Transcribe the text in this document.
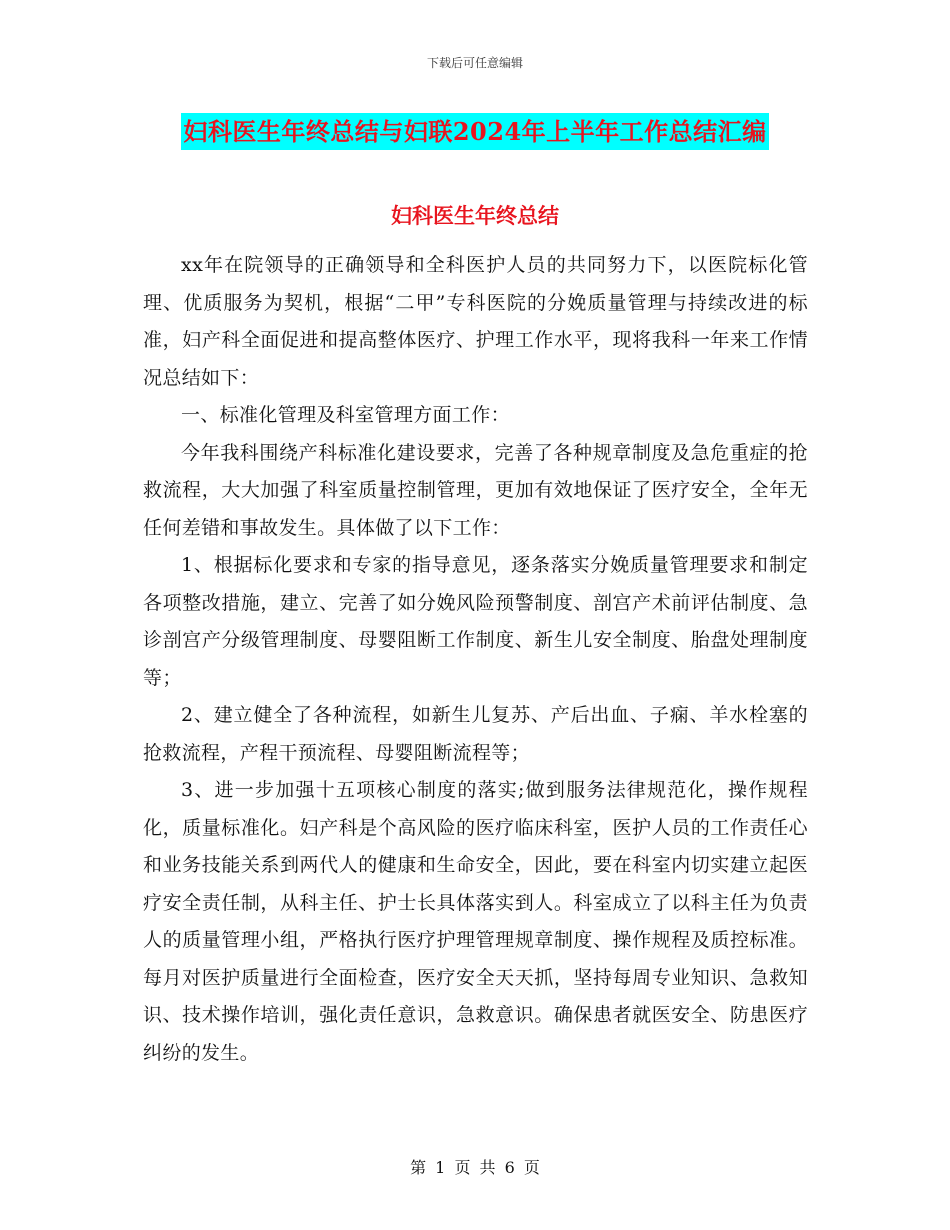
下载后可任意编辑
妇科医生年终总结与妇联2024年上半年工作总结汇编
妇科医生年终总结

xx年在院领导的正确领导和全科医护人员的共同努力下，以医院标化管理、优质服务为契机，根据“二甲”专科医院的分娩质量管理与持续改进的标准，妇产科全面促进和提高整体医疗、护理工作水平，现将我科一年来工作情况总结如下：

一、标准化管理及科室管理方面工作：

今年我科围绕产科标准化建设要求，完善了各种规章制度及急危重症的抢救流程，大大加强了科室质量控制管理，更加有效地保证了医疗安全，全年无任何差错和事故发生。具体做了以下工作：

1、根据标化要求和专家的指导意见，逐条落实分娩质量管理要求和制定各项整改措施，建立、完善了如分娩风险预警制度、剖宫产术前评估制度、急诊剖宫产分级管理制度、母婴阻断工作制度、新生儿安全制度、胎盘处理制度等；

2、建立健全了各种流程，如新生儿复苏、产后出血、子痫、羊水栓塞的抢救流程，产程干预流程、母婴阻断流程等；

3、进一步加强十五项核心制度的落实;做到服务法律规范化，操作规程化，质量标准化。妇产科是个高风险的医疗临床科室，医护人员的工作责任心和业务技能关系到两代人的健康和生命安全，因此，要在科室内切实建立起医疗安全责任制，从科主任、护士长具体落实到人。科室成立了以科主任为负责人的质量管理小组，严格执行医疗护理管理规章制度、操作规程及质控标准。每月对医护质量进行全面检查，医疗安全天天抓，坚持每周专业知识、急救知识、技术操作培训，强化责任意识，急救意识。确保患者就医安全、防患医疗纠纷的发生。

第 1 页 共 6 页
